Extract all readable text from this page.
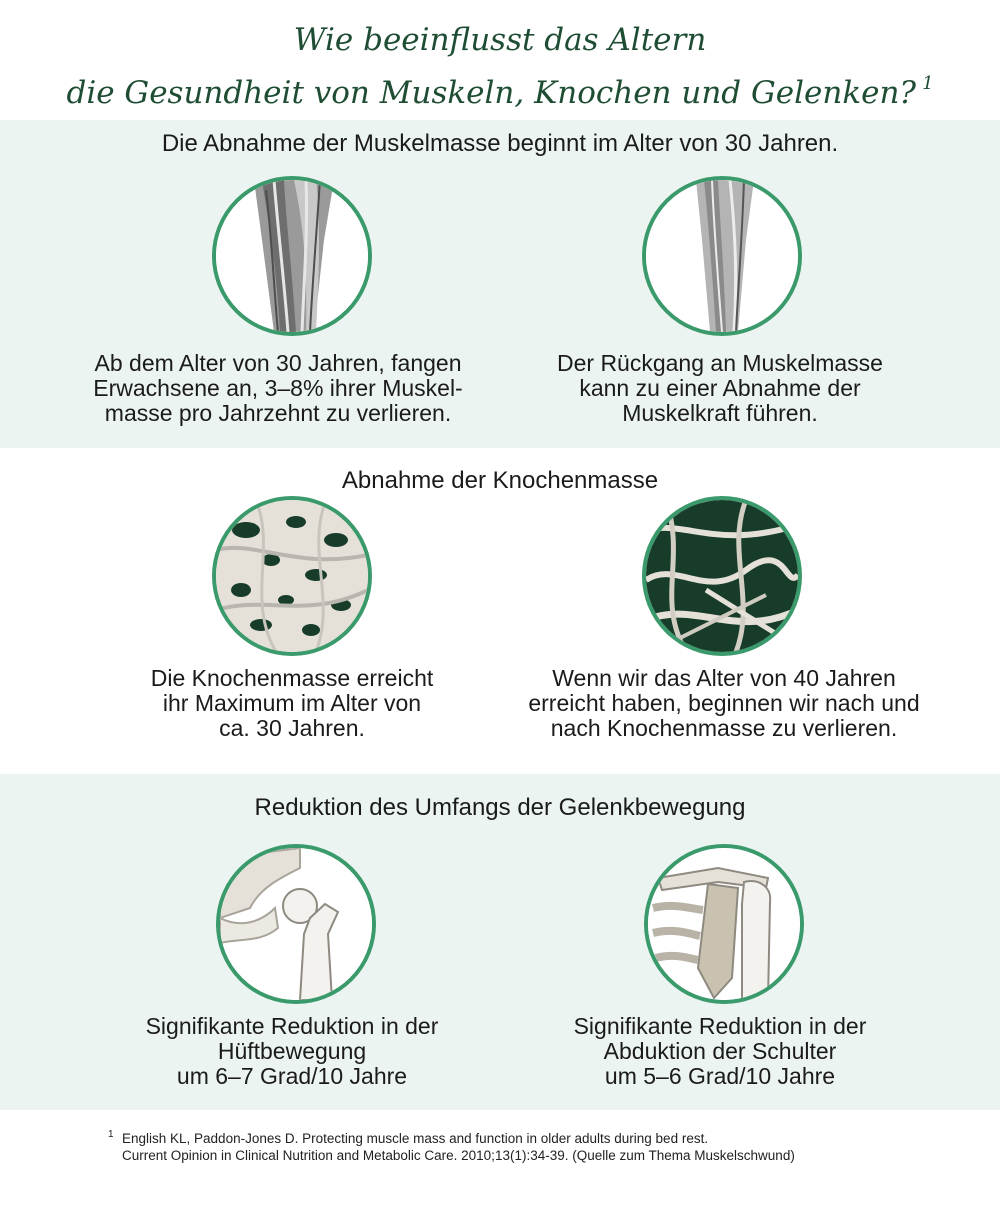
Wie beeinflusst das Altern
die Gesundheit von Muskeln, Knochen und Gelenken? $^1$
Die Abnahme der Muskelmasse beginnt im Alter von 30 Jahren.
Ab dem Alter von 30 Jahren, fangen
Erwachsene an, 3–8% ihrer Muskel-
masse pro Jahrzehnt zu verlieren.
Der Rückgang an Muskelmasse
kann zu einer Abnahme der
Muskelkraft führen.
Abnahme der Knochenmasse
Die Knochenmasse erreicht
ihr Maximum im Alter von
ca. 30 Jahren.
Wenn wir das Alter von 40 Jahren
erreicht haben, beginnen wir nach und
nach Knochenmasse zu verlieren.
Reduktion des Umfangs der Gelenkbewegung
Signifikante Reduktion in der
Hüftbewegung
um 6–7 Grad/10 Jahre
Signifikante Reduktion in der
Abduktion der Schulter
um 5–6 Grad/10 Jahre
1 English KL, Paddon-Jones D. Protecting muscle mass and function in older adults during bed rest.
Current Opinion in Clinical Nutrition and Metabolic Care. 2010;13(1):34-39. (Quelle zum Thema Muskelschwund)
